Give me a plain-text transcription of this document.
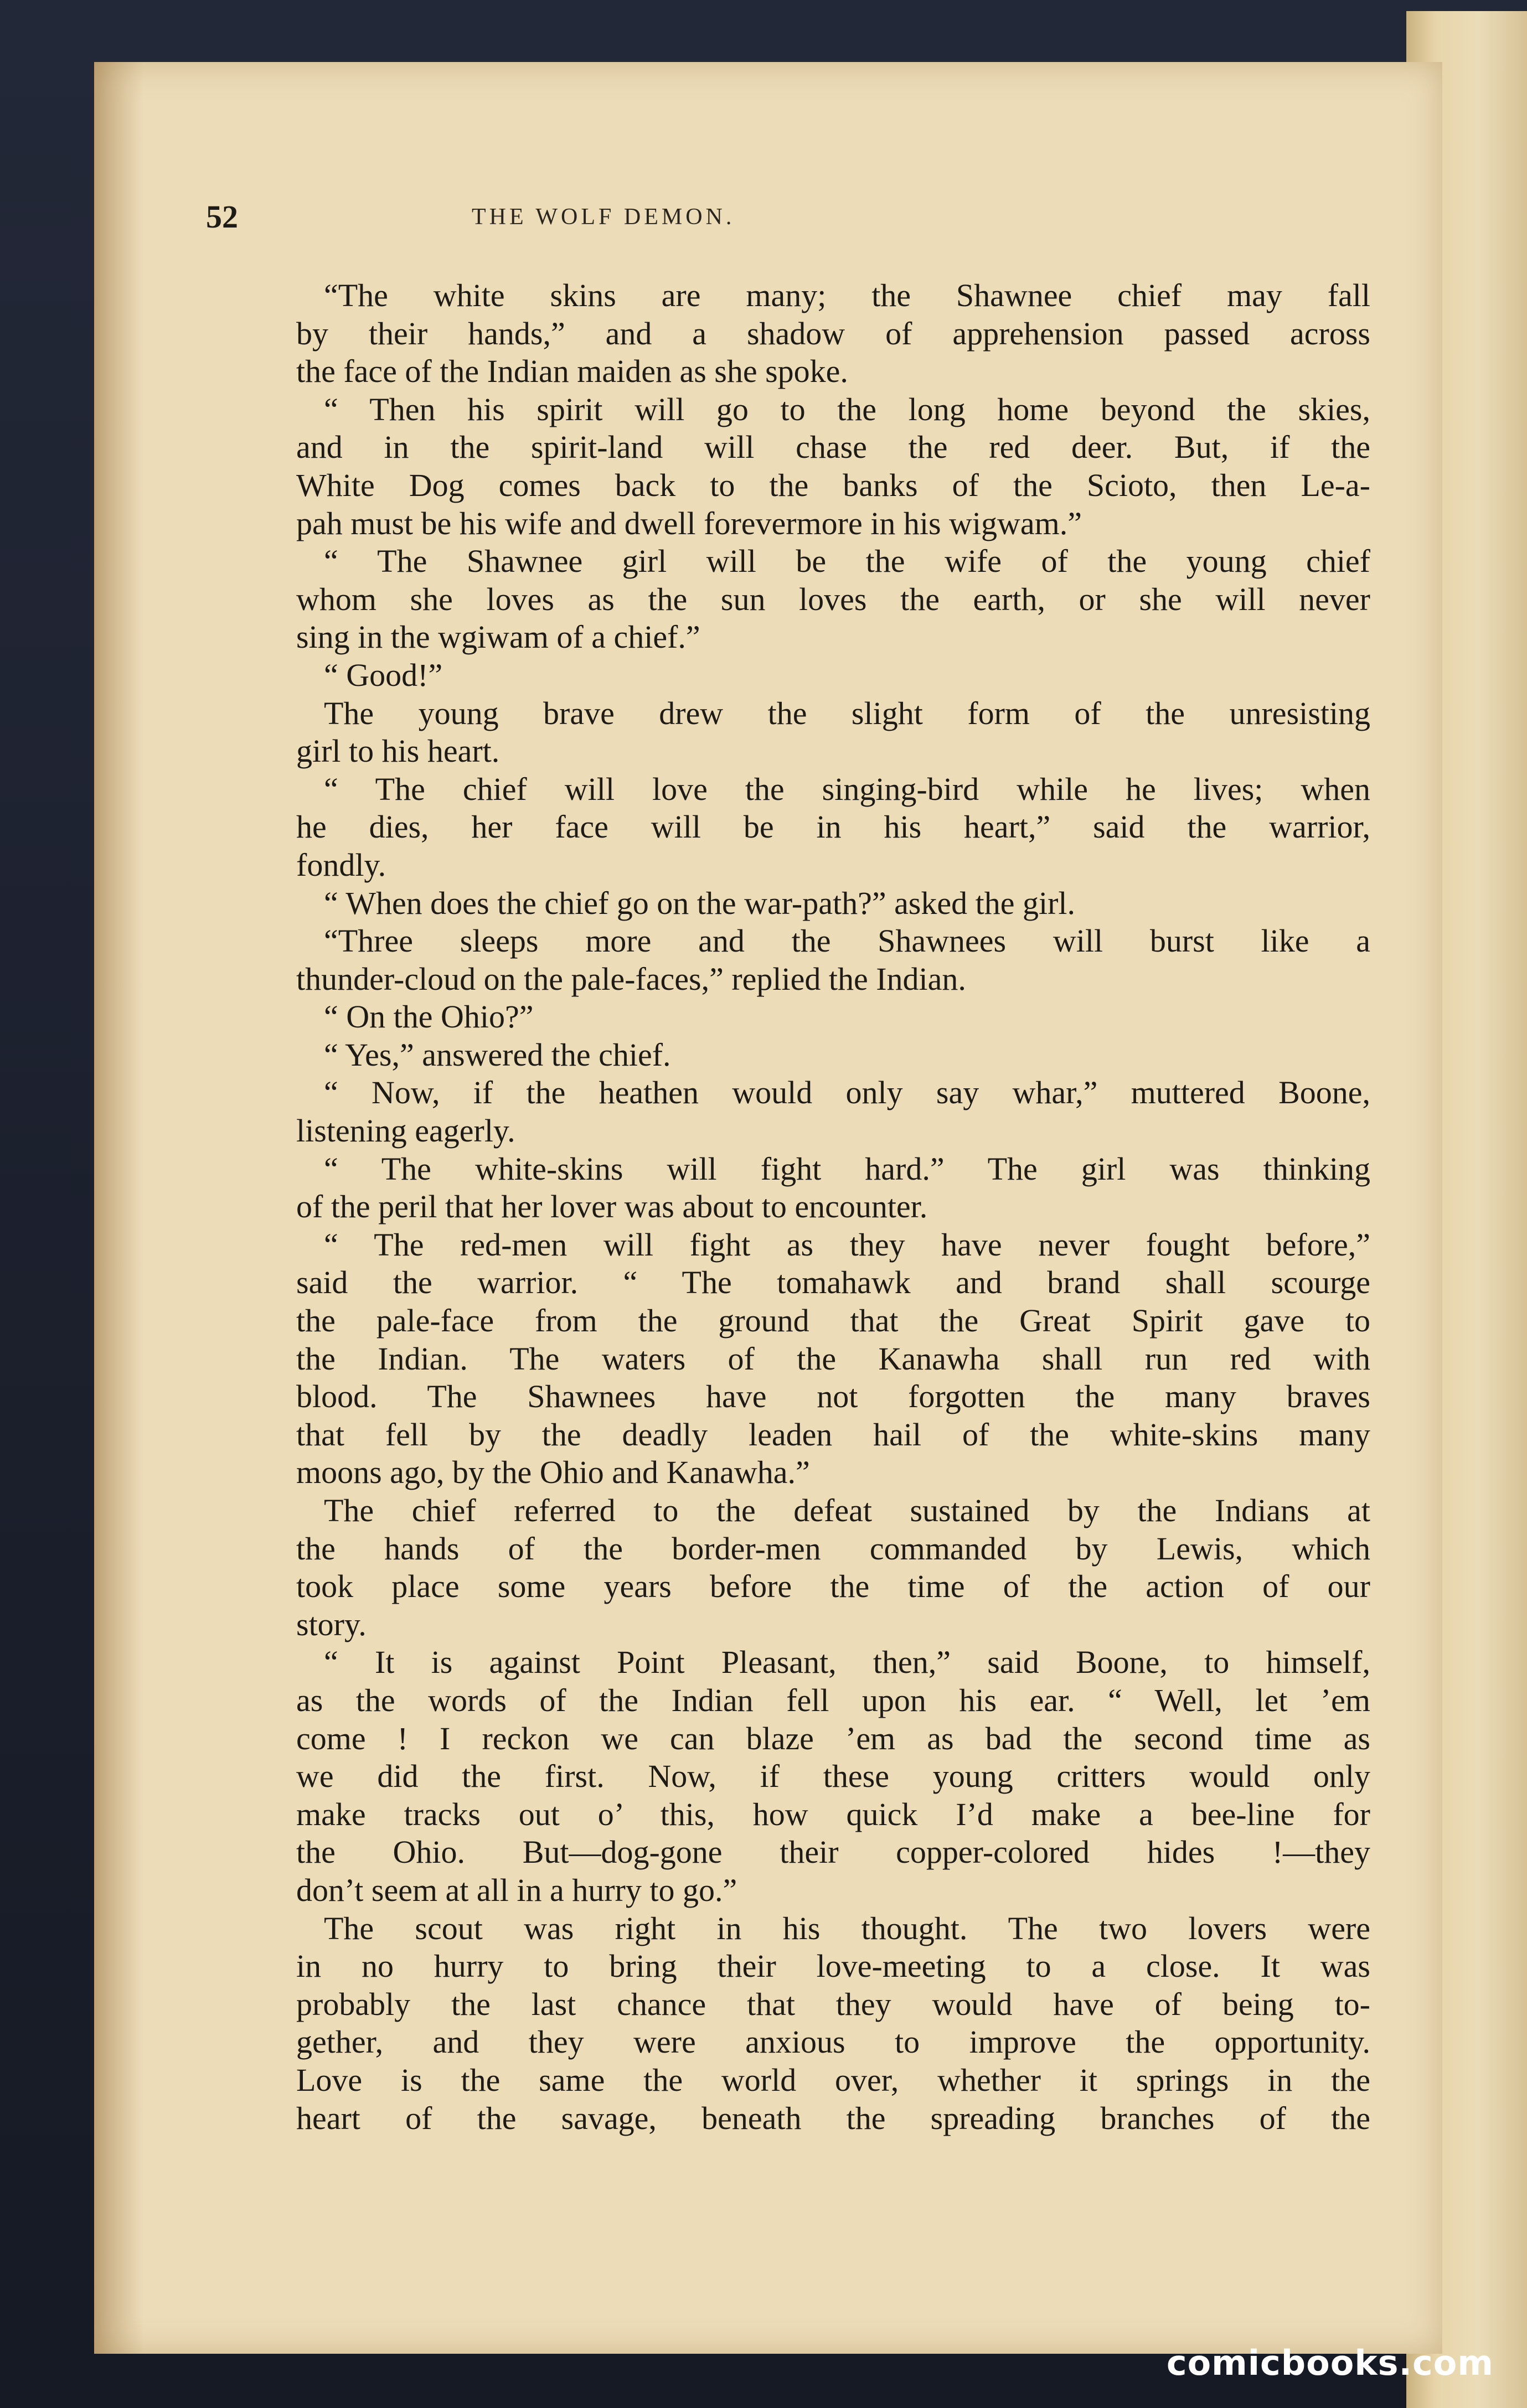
52	THE WOLF DEMON.
“The white skins are many; the Shawnee chief may fall
by their hands,” and a shadow of apprehension passed across
the face of the Indian maiden as she spoke.
“ Then his spirit will go to the long home beyond the skies,
and in the spirit-land will chase the red deer. But, if the
White Dog comes back to the banks of the Scioto, then Le-a-
pah must be his wife and dwell forevermore in his wigwam.”
“ The Shawnee girl will be the wife of the young chief
whom she loves as the sun loves the earth, or she will never
sing in the wgiwam of a chief.”
“ Good!”
The young brave drew the slight form of the unresisting
girl to his heart.
“ The chief will love the singing-bird while he lives; when
he dies, her face will be in his heart,” said the warrior,
fondly.
“ When does the chief go on the war-path?” asked the girl.
“Three sleeps more and the Shawnees will burst like a
thunder-cloud on the pale-faces,” replied the Indian.
“ On the Ohio?”
“ Yes,” answered the chief.
“ Now, if the heathen would only say whar,” muttered Boone,
listening eagerly.
“ The white-skins will fight hard.” The girl was thinking
of the peril that her lover was about to encounter.
“ The red-men will fight as they have never fought before,”
said the warrior. “ The tomahawk and brand shall scourge
the pale-face from the ground that the Great Spirit gave to
the Indian. The waters of the Kanawha shall run red with
blood. The Shawnees have not forgotten the many braves
that fell by the deadly leaden hail of the white-skins many
moons ago, by the Ohio and Kanawha.”
The chief referred to the defeat sustained by the Indians at
the hands of the border-men commanded by Lewis, which
took place some years before the time of the action of our
story.
“ It is against Point Pleasant, then,” said Boone, to himself,
as the words of the Indian fell upon his ear. “ Well, let ’em
come ! I reckon we can blaze ’em as bad the second time as
we did the first. Now, if these young critters would only
make tracks out o’ this, how quick I’d make a bee-line for
the Ohio. But—dog-gone their copper-colored hides !—they
don’t seem at all in a hurry to go.”
The scout was right in his thought. The two lovers were
in no hurry to bring their love-meeting to a close. It was
probably the last chance that they would have of being to-
gether, and they were anxious to improve the opportunity.
Love is the same the world over, whether it springs in the
heart of the savage, beneath the spreading branches of the
comicbooks.com
